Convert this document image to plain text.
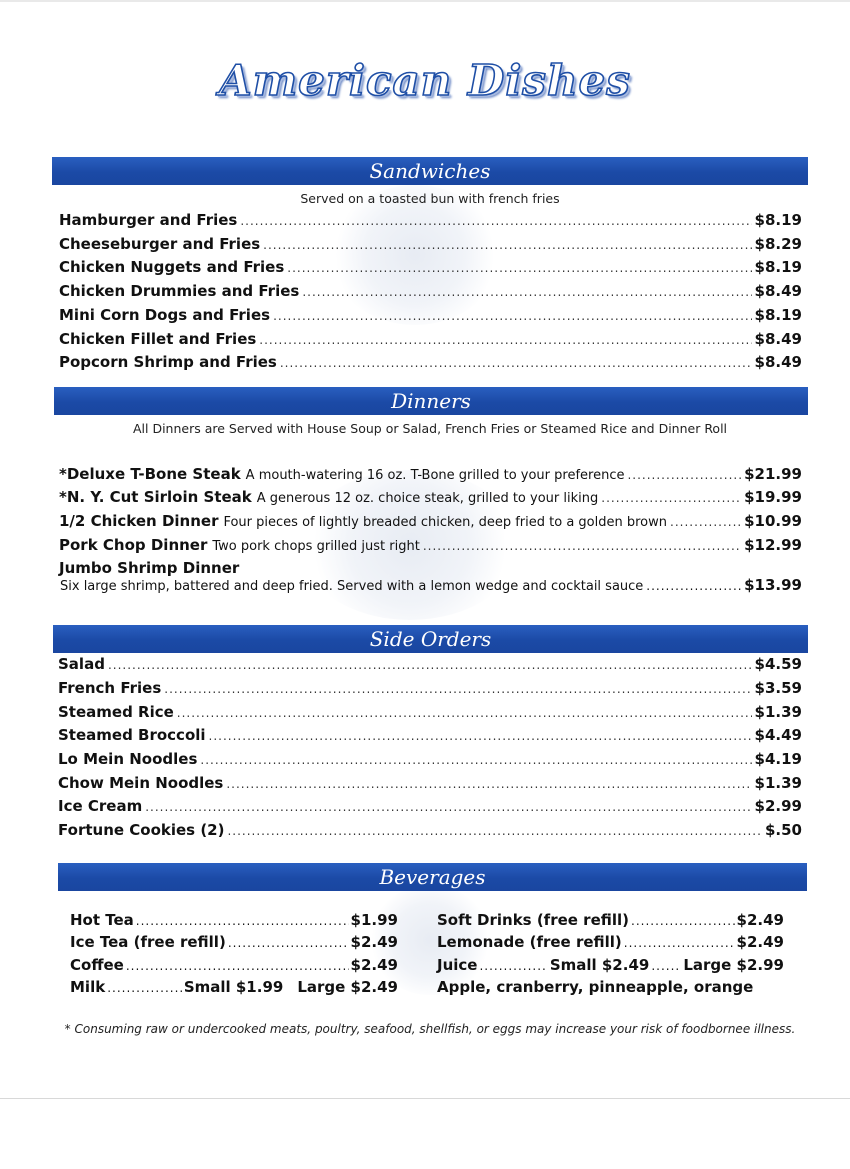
American Dishes
Sandwiches
Served on a toasted bun with french fries
Hamburger and Fries .....	$8.19
Cheeseburger and Fries .....	$8.29
Chicken Nuggets and Fries .....	$8.19
Chicken Drummies and Fries .....	$8.49
Mini Corn Dogs and Fries .....	$8.19
Chicken Fillet and Fries .....	$8.49
Popcorn Shrimp and Fries .....	$8.49
Dinners
All Dinners are Served with House Soup or Salad, French Fries or Steamed Rice and Dinner Roll
*Deluxe T-Bone Steak A mouth-watering 16 oz. T-Bone grilled to your preference .....	$21.99
*N. Y. Cut Sirloin Steak A generous 12 oz. choice steak, grilled to your liking .....	$19.99
1/2 Chicken Dinner Four pieces of lightly breaded chicken, deep fried to a golden brown .....	$10.99
Pork Chop Dinner Two pork chops grilled just right .....	$12.99
Jumbo Shrimp Dinner
Six large shrimp, battered and deep fried. Served with a lemon wedge and cocktail sauce .....	$13.99
Side Orders
Salad .....	$4.59
French Fries .....	$3.59
Steamed Rice .....	$1.39
Steamed Broccoli .....	$4.49
Lo Mein Noodles .....	$4.19
Chow Mein Noodles .....	$1.39
Ice Cream .....	$2.99
Fortune Cookies (2) .....	$.50
Beverages
Hot Tea .....	$1.99
Ice Tea (free refill) .....	$2.49
Coffee .....	$2.49
Milk .....	Small $1.99 Large $2.49
Soft Drinks (free refill) .....	$2.49
Lemonade (free refill) .....	$2.49
Juice .....	Small $2.49 ..... Large $2.99
Apple, cranberry, pinneapple, orange
* Consuming raw or undercooked meats, poultry, seafood, shellfish, or eggs may increase your risk of foodbornee illness.
